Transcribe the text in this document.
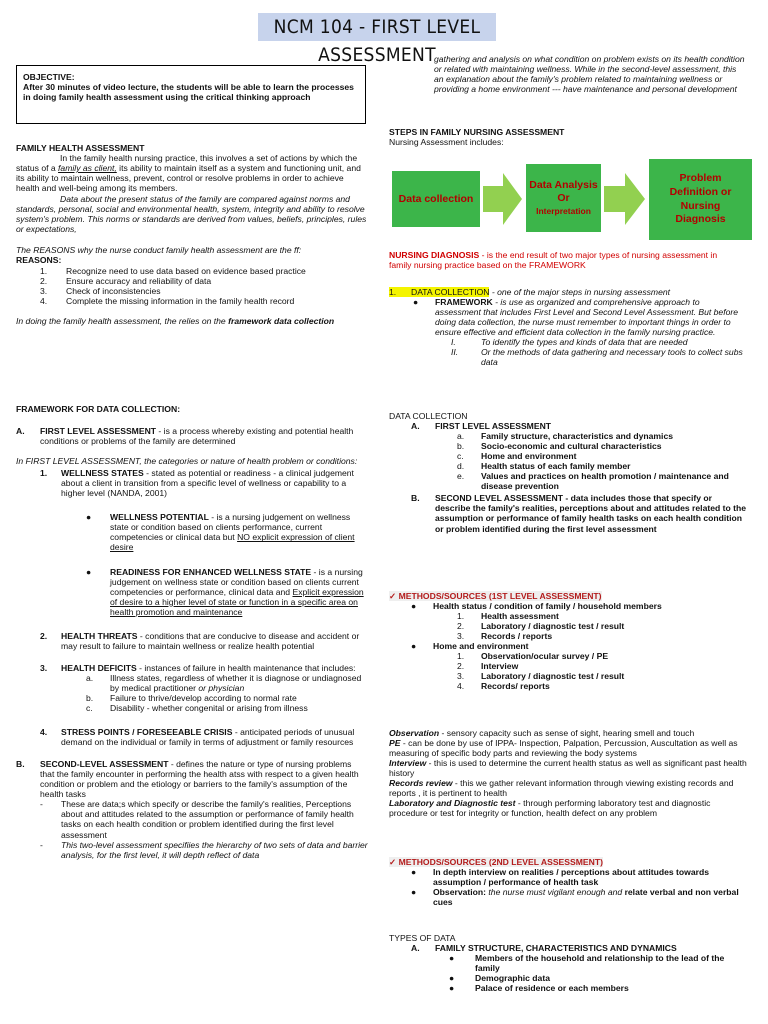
NCM 104 - FIRST LEVEL ASSESSMENT

OBJECTIVE:

After 30 minutes of video lecture, the students will be able to learn the processes in doing family health assessment using the critical thinking approach

FAMILY HEALTH ASSESSMENT

In the family health nursing practice, this involves a set of actions by which the status of a family as client, its ability to maintain itself as a system and functioning unit, and its ability to maintain wellness, prevent, control or resolve problems in order to achieve health and well-being among its members.

Data about the present status of the family are compared against norms and standards, personal, social and environmental health, system, integrity and ability to resolve system's problem. This norms or standards are derived from values, beliefs, principles, rules or expectations,

The REASONS why the nurse conduct family health assessment are the ff:

REASONS:

1.	Recognize need to use data based on evidence based practice

2.	Ensure accuracy and reliability of data

3.	Check of inconsistencies

4.	Complete the missing information in the family health record

In doing the family health assessment, the relies on the framework data collection

FRAMEWORK FOR DATA COLLECTION:

A.	FIRST LEVEL ASSESSMENT - is a process whereby existing and potential health conditions or problems of the family are determined

In FIRST LEVEL ASSESSMENT, the categories or nature of health problem or conditions:

1.	WELLNESS STATES - stated as potential or readiness - a clinical judgement about a client in transition from a specific level of wellness or capability to a higher level (NANDA, 2001)

●	WELLNESS POTENTIAL - is a nursing judgement on wellness state or condition based on clients performance, current competencies or clinical data but NO explicit expression of client desire

●	READINESS FOR ENHANCED WELLNESS STATE - is a nursing judgement on wellness state or condition based on clients current competencies or performance, clinical data and Explicit expression of desire to a higher level of state or function in a specific area on health promotion and maintenance

2.	HEALTH THREATS - conditions that are conducive to disease and accident or may result to failure to maintain wellness or realize health potential

3.	HEALTH DEFICITS - instances of failure in health maintenance that includes:

a.	Illness states, regardless of whether it is diagnose or undiagnosed by medical practitioner or physician

b.	Failure to thrive/develop according to normal rate

c.	Disability - whether congenital or arising from illness

4.	STRESS POINTS / FORESEEABLE CRISIS - anticipated periods of unusual demand on the individual or family in terms of adjustment or family resources

B.	SECOND-LEVEL ASSESSMENT - defines the nature or type of nursing problems that the family encounter in performing the health atss with respect to a given health condition or problem and the etiology or barriers to the family's assumption of the health tasks

-	These are data;s which specify or describe the family's realities, Perceptions about and attitudes related to the assumption or performance of family health tasks on each health condition or problem identified during the first level assessment

-	This two-level assessment specifiies the hierarchy of two sets of data and barrier analysis, for the first level, it will depth reflect of data

gathering and analysis on what condition on problem exists on its health condition or related with maintaining wellness. While in the second-level assessment, this an explanation about the family's problem related to maintaining wellness or providing a home environment --- have maintenance and personal development

STEPS IN FAMILY NURSING ASSESSMENT

Nursing Assessment includes:

Data collection
Data Analysis
Or
Interpretation
Problem
Definition or
Nursing
Diagnosis

NURSING DIAGNOSIS - is the end result of two major types of nursing assessment in family nursing practice based on the FRAMEWORK

1.	DATA COLLECTION - one of the major steps in nursing assessment

●	FRAMEWORK - is use as organized and comprehensive approach to assessment that includes First Level and Second Level Assessment. But before doing data collection, the nurse must remember to important things in order to ensure effective and efficient data collection in the family nursing practice.

I.	To identify the types and kinds of data that are needed

II.	Or the methods of data gathering and necessary tools to collect subs data

DATA COLLECTION

A.	FIRST LEVEL ASSESSMENT

a.	Family structure, characteristics and dynamics

b.	Socio-economic and cultural characteristics

c.	Home and environment

d.	Health status of each family member

e.	Values and practices on health promotion / maintenance and disease prevention

B.	SECOND LEVEL ASSESSMENT - data includes those that specify or describe the family's realities, perceptions about and attitudes related to the assumption or performance of family health tasks on each health condition or problem identified during the first level assessment

✓ METHODS/SOURCES (1ST LEVEL ASSESSMENT)

●	Health status / condition of family / household members

1.	Health assessment

2.	Laboratory / diagnostic test / result

3.	Records / reports

●	Home and environment

1.	Observation/ocular survey / PE

2.	Interview

3.	Laboratory / diagnostic test / result

4.	Records/ reports

Observation - sensory capacity such as sense of sight, hearing smell and touch

PE - can be done by use of IPPA- Inspection, Palpation, Percussion, Auscultation as well as measuring of specific body parts and reviewing the body systems

Interview - this is used to determine the current health status as well as significant past health history

Records review - this we gather relevant information through viewing existing records and reports , it is pertinent to health

Laboratory and Diagnostic test - through performing laboratory test and diagnostic procedure or test for integrity or function, health defect on any problem

✓ METHODS/SOURCES (2ND LEVEL ASSESSMENT)

●	In depth interview on realities / perceptions about attitudes towards assumption / performance of health task

●	Observation: the nurse must vigilant enough and relate verbal and non verbal cues

TYPES OF DATA

A.	FAMILY STRUCTURE, CHARACTERISTICS AND DYNAMICS

●	Members of the household and relationship to the lead of the family

●	Demographic data

●	Palace of residence or each members
